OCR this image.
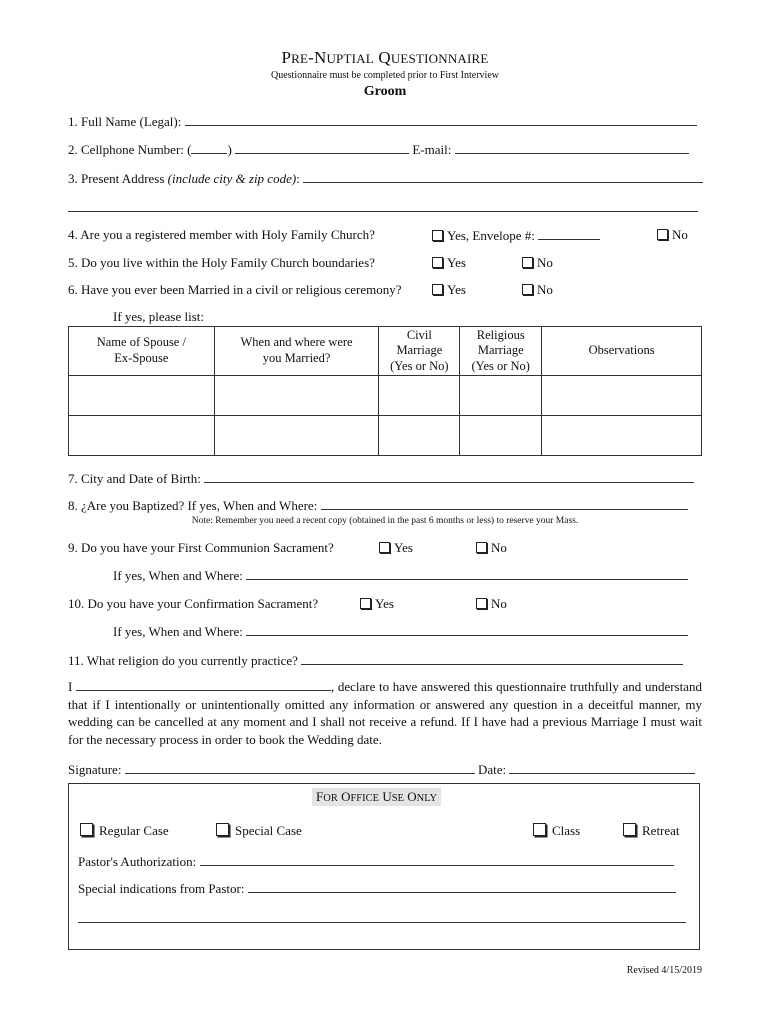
PRE-NUPTIAL QUESTIONNAIRE
Questionnaire must be completed prior to First Interview
Groom
1. Full Name (Legal):
2. Cellphone Number: (	)	E-mail:
3. Present Address (include city & zip code):
4. Are you a registered member with Holy Family Church?	Yes, Envelope #:	No
5. Do you live within the Holy Family Church boundaries?	Yes	No
6. Have you ever been Married in a civil or religious ceremony?	Yes	No
If yes, please list:
Name of Spouse /
Ex-Spouse	When and where were
you Married?	Civil
Marriage
(Yes or No)	Religious
Marriage
(Yes or No)	Observations

7. City and Date of Birth:
8. ¿Are you Baptized? If yes, When and Where:
Note: Remember you need a recent copy (obtained in the past 6 months or less) to reserve your Mass.
9. Do you have your First Communion Sacrament?	Yes	No
If yes, When and Where:
10. Do you have your Confirmation Sacrament?	Yes	No
If yes, When and Where:
11. What religion do you currently practice?
I	, declare to have answered this questionnaire truthfully and understand that if I intentionally or unintentionally omitted any information or answered any question in a deceitful manner, my wedding can be cancelled at any moment and I shall not receive a refund. If I have had a previous Marriage I must wait for the necessary process in order to book the Wedding date.
Signature:	Date:
FOR OFFICE USE ONLY
Regular Case	Special Case	Class	Retreat
Pastor's Authorization:
Special indications from Pastor:
Revised 4/15/2019
